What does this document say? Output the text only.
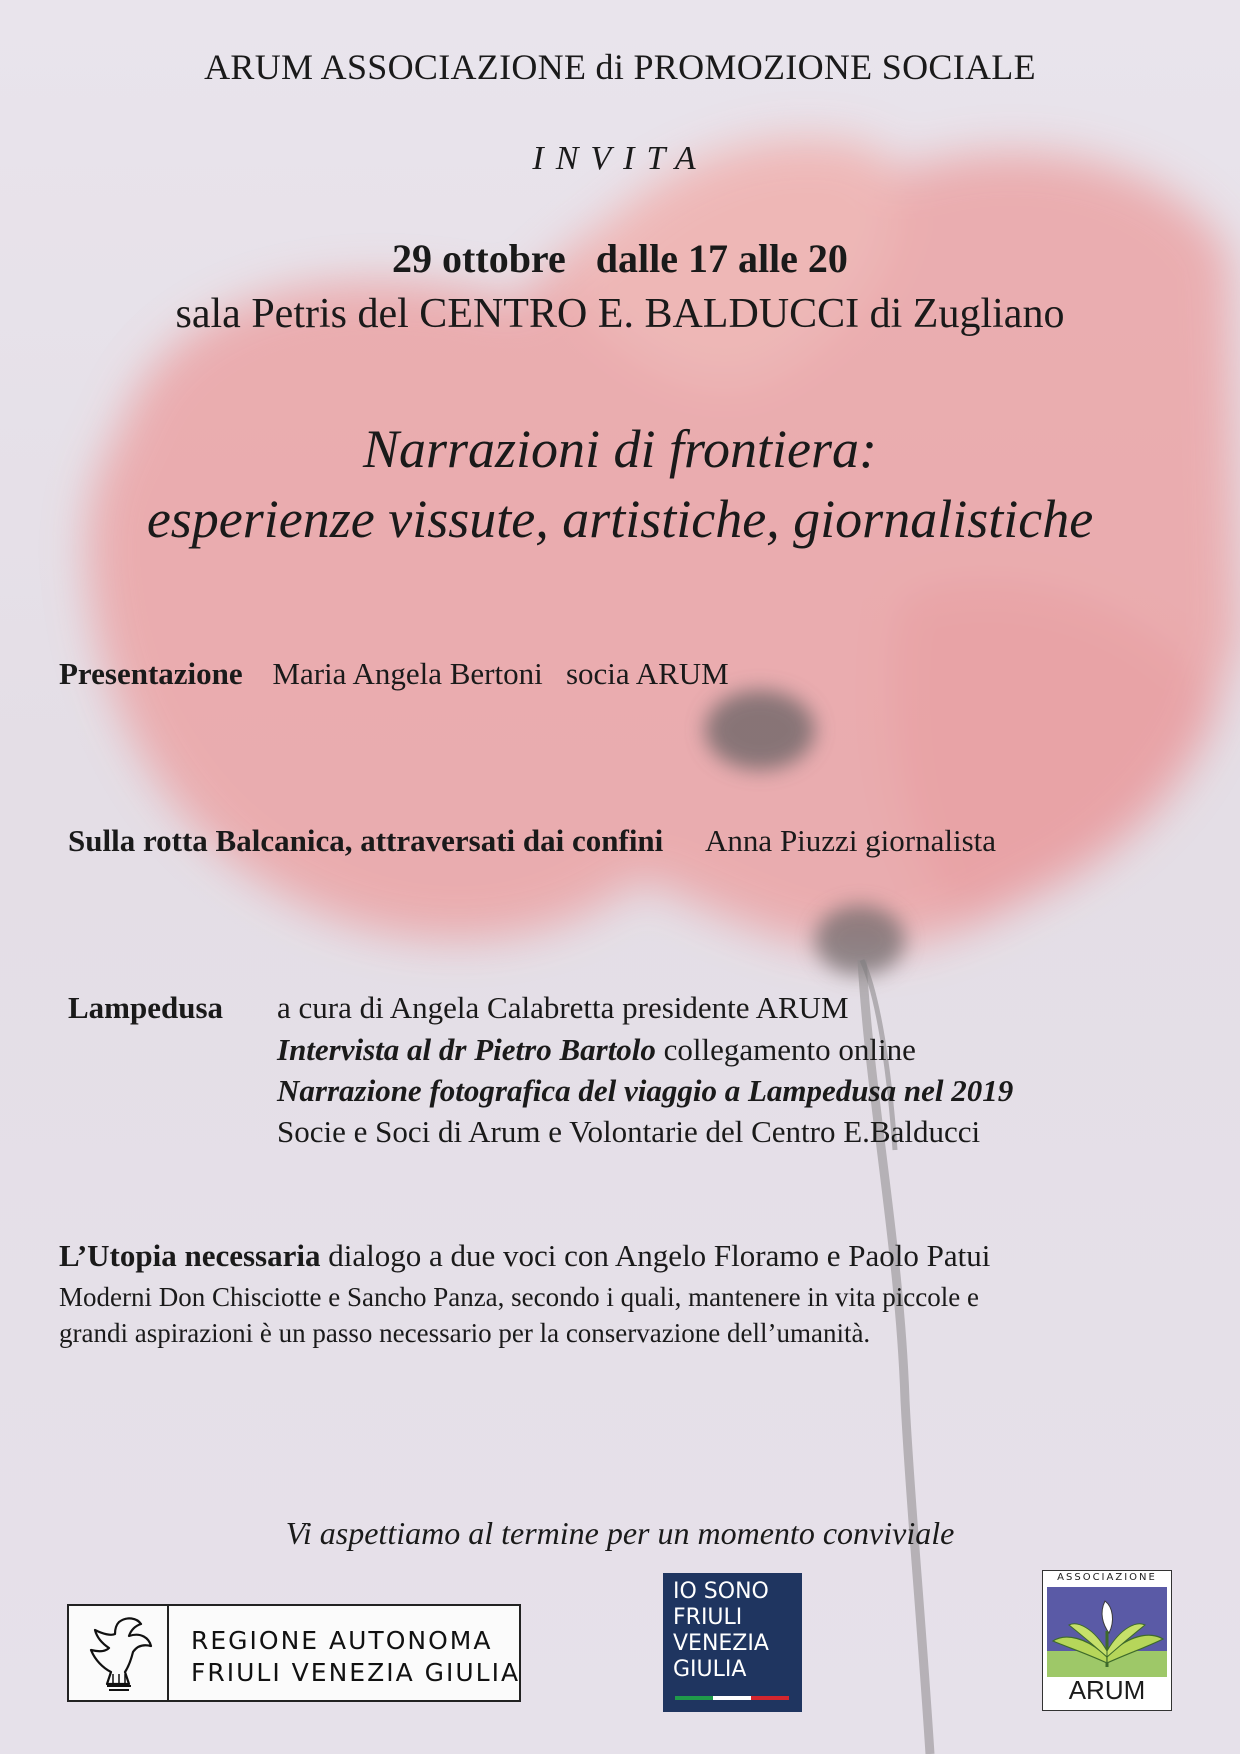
ARUM ASSOCIAZIONE di PROMOZIONE SOCIALE
INVITA
29 ottobre   dalle 17 alle 20
sala Petris del CENTRO E. BALDUCCI di Zugliano
Narrazioni di frontiera:
esperienze vissute, artistiche, giornalistiche
Presentazione Maria Angela Bertoni   socia ARUM
Sulla rotta Balcanica, attraversati dai confini Anna Piuzzi giornalista
Lampedusa a cura di Angela Calabretta presidente ARUM
Intervista al dr Pietro Bartolo collegamento online
Narrazione fotografica del viaggio a Lampedusa nel 2019
Socie e Soci di Arum e Volontarie del Centro E.Balducci
L’Utopia necessaria dialogo a due voci con Angelo Floramo e Paolo Patui
Moderni Don Chisciotte e Sancho Panza, secondo i quali, mantenere in vita piccole e
grandi aspirazioni è un passo necessario per la conservazione dell’umanità.
Vi aspettiamo al termine per un momento conviviale
REGIONE AUTONOMA
FRIULI VENEZIA GIULIA
IO SONO
FRIULI
VENEZIA
GIULIA
ASSOCIAZIONE
ARUM
